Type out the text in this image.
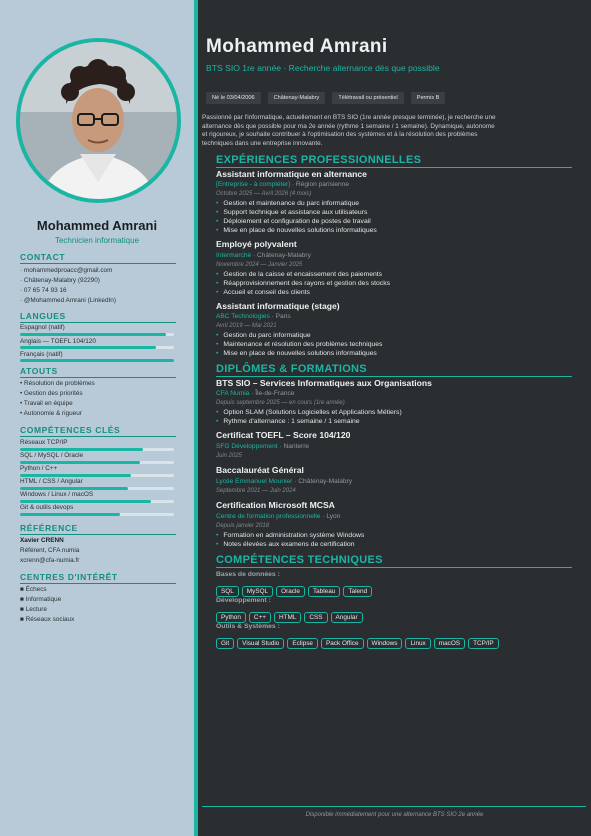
Mohammed Amrani
Technicien informatique
CONTACT
· mohammedproacc@gmail.com
· Châtenay-Malabry (92290)
· 07 65 74 93 16
· @Mohammed Amrani (LinkedIn)
LANGUES
Espagnol (natif)
Anglais — TOEFL 104/120
Français (natif)
ATOUTS
• Résolution de problèmes
• Gestion des priorités
• Travail en équipe
• Autonomie & rigueur
COMPÉTENCES CLÉS
Réseaux TCP/IP
SQL / MySQL / Oracle
Python / C++
HTML / CSS / Angular
Windows / Linux / macOS
Git & outils devops
RÉFÉRENCE
Xavier CRENN
Référent, CFA numia
xcrenn@cfa-numia.fr
CENTRES D'INTÉRÊT
■ Échecs
■ Informatique
■ Lecture
■ Réseaux sociaux
Mohammed Amrani
BTS SIO 1re année · Recherche alternance dès que possible
Né le 03/04/2006	Châtenay-Malabry	Télétravail ou présentiel	Permis B
Passionné par l'informatique, actuellement en BTS SIO (1re année presque terminée), je recherche une
alternance dès que possible pour ma 2e année (rythme 1 semaine / 1 semaine). Dynamique, autonome
et rigoureux, je souhaite contribuer à l'optimisation des systèmes et à la résolution des problèmes
techniques dans une entreprise innovante.
EXPÉRIENCES PROFESSIONNELLES
Assistant informatique en alternance
[Entreprise - à compléter] · Région parisienne
Octobre 2025 — Avril 2026 (4 mois)
• Gestion et maintenance du parc informatique
• Support technique et assistance aux utilisateurs
• Déploiement et configuration de postes de travail
• Mise en place de nouvelles solutions informatiques
Employé polyvalent
Intermarché · Châtenay-Malabry
Novembre 2024 — Janvier 2025
• Gestion de la caisse et encaissement des paiements
• Réapprovisionnement des rayons et gestion des stocks
• Accueil et conseil des clients
Assistant informatique (stage)
ABC Technologies · Paris
Avril 2019 — Mai 2021
• Gestion du parc informatique
• Maintenance et résolution des problèmes techniques
• Mise en place de nouvelles solutions informatiques
DIPLÔMES & FORMATIONS
BTS SIO – Services Informatiques aux Organisations
CFA Numia · Île-de-France
Depuis septembre 2025 — en cours (1re année)
• Option SLAM (Solutions Logicielles et Applications Métiers)
• Rythme d'alternance : 1 semaine / 1 semaine
Certificat TOEFL – Score 104/120
SFG Développement · Nanterre
Juin 2025
Baccalauréat Général
Lycée Emmanuel Mounier · Châtenay-Malabry
Septembre 2021 — Juin 2024
Certification Microsoft MCSA
Centre de formation professionnelle · Lyon
Depuis janvier 2018
• Formation en administration système Windows
• Notes élevées aux examens de certification
COMPÉTENCES TECHNIQUES
Bases de données :
SQL MySQL Oracle Tableau Talend
Développement :
Python C++ HTML CSS Angular
Outils & Systèmes :
Git Visual Studio Eclipse Pack Office Windows Linux macOS TCP/IP
Disponible immédiatement pour une alternance BTS SIO 2e année
